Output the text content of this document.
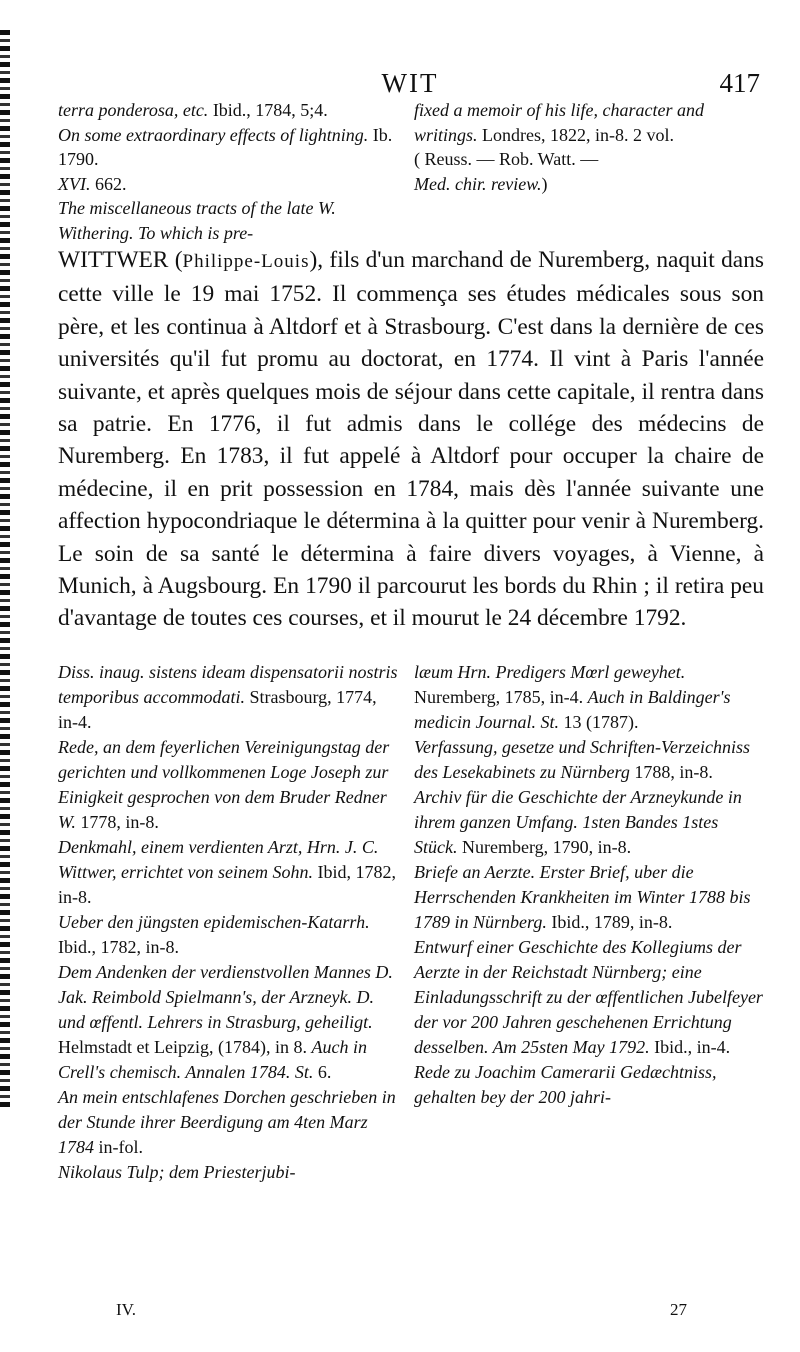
WIT	417

terra ponderosa, etc. Ibid., 1784, 5;4.

On some extraordinary effects of lightning. Ib. 1790.

XVI. 662.

The miscellaneous tracts of the late W. Withering. To which is pre-

fixed a memoir of his life, character and writings. Londres, 1822, in-8. 2 vol.

( Reuss. — Rob. Watt. —

Med. chir. review.)

WITTWER (Philippe-Louis), fils d'un marchand de Nuremberg, naquit dans cette ville le 19 mai 1752. Il commença ses études médicales sous son père, et les continua à Altdorf et à Strasbourg. C'est dans la dernière de ces universités qu'il fut promu au doctorat, en 1774. Il vint à Paris l'année suivante, et après quelques mois de séjour dans cette capitale, il rentra dans sa patrie. En 1776, il fut admis dans le collége des médecins de Nuremberg. En 1783, il fut appelé à Altdorf pour occuper la chaire de médecine, il en prit possession en 1784, mais dès l'année suivante une affection hypocondriaque le détermina à la quitter pour venir à Nuremberg. Le soin de sa santé le détermina à faire divers voyages, à Vienne, à Munich, à Augsbourg. En 1790 il parcourut les bords du Rhin ; il retira peu d'avantage de toutes ces courses, et il mourut le 24 décembre 1792.

Diss. inaug. sistens ideam dispensatorii nostris temporibus accommodati. Strasbourg, 1774, in-4.

Rede, an dem feyerlichen Vereinigungstag der gerichten und vollkommenen Loge Joseph zur Einigkeit gesprochen von dem Bruder Redner W. 1778, in-8.

Denkmahl, einem verdienten Arzt, Hrn. J. C. Wittwer, errichtet von seinem Sohn. Ibid, 1782, in-8.

Ueber den jüngsten epidemischen-Katarrh. Ibid., 1782, in-8.

Dem Andenken der verdienstvollen Mannes D. Jak. Reimbold Spielmann's, der Arzneyk. D. und œffentl. Lehrers in Strasburg, geheiligt. Helmstadt et Leipzig, (1784), in 8. Auch in Crell's chemisch. Annalen 1784. St. 6.

An mein entschlafenes Dorchen geschrieben in der Stunde ihrer Beerdigung am 4ten Marz 1784 in-fol.

Nikolaus Tulp; dem Priesterjubi-

læum Hrn. Predigers Mœrl geweyhet. Nuremberg, 1785, in-4. Auch in Baldinger's medicin Journal. St. 13 (1787).

Verfassung, gesetze und Schriften-Verzeichniss des Lesekabinets zu Nürnberg 1788, in-8.

Archiv für die Geschichte der Arzneykunde in ihrem ganzen Umfang. 1sten Bandes 1stes Stück. Nuremberg, 1790, in-8.

Briefe an Aerzte. Erster Brief, uber die Herrschenden Krankheiten im Winter 1788 bis 1789 in Nürnberg. Ibid., 1789, in-8.

Entwurf einer Geschichte des Kollegiums der Aerzte in der Reichstadt Nürnberg; eine Einladungsschrift zu der œffentlichen Jubelfeyer der vor 200 Jahren geschehenen Errichtung desselben. Am 25sten May 1792. Ibid., in-4.

Rede zu Joachim Camerarii Gedæchtniss, gehalten bey der 200 jahri-

IV.	27
